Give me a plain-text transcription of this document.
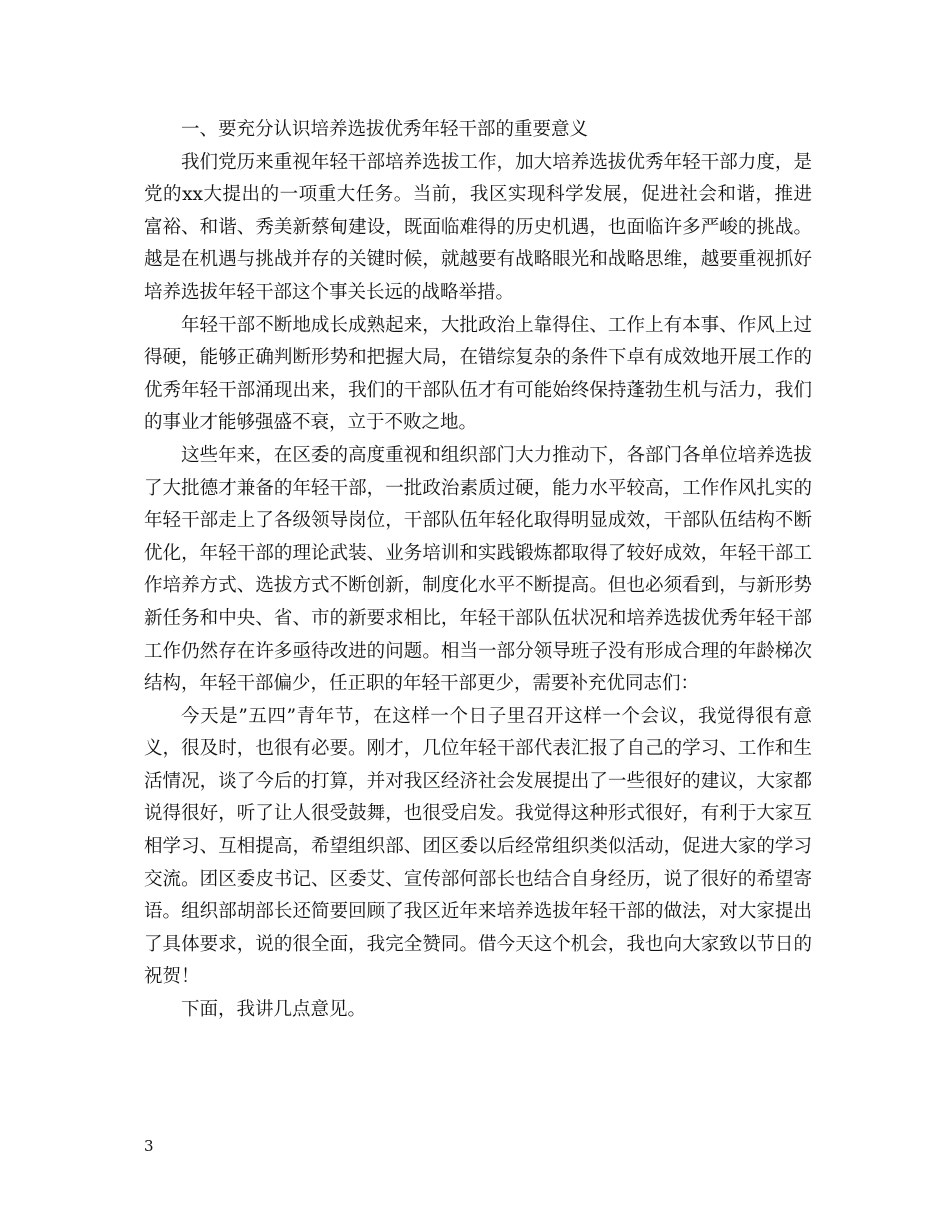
一、要充分认识培养选拔优秀年轻干部的重要意义

我们党历来重视年轻干部培养选拔工作，加大培养选拔优秀年轻干部力度，是党的xx大提出的一项重大任务。当前，我区实现科学发展，促进社会和谐，推进富裕、和谐、秀美新蔡甸建设，既面临难得的历史机遇，也面临许多严峻的挑战。越是在机遇与挑战并存的关键时候，就越要有战略眼光和战略思维，越要重视抓好培养选拔年轻干部这个事关长远的战略举措。

年轻干部不断地成长成熟起来，大批政治上靠得住、工作上有本事、作风上过得硬，能够正确判断形势和把握大局，在错综复杂的条件下卓有成效地开展工作的优秀年轻干部涌现出来，我们的干部队伍才有可能始终保持蓬勃生机与活力，我们的事业才能够强盛不衰，立于不败之地。

这些年来，在区委的高度重视和组织部门大力推动下，各部门各单位培养选拔了大批德才兼备的年轻干部，一批政治素质过硬，能力水平较高，工作作风扎实的年轻干部走上了各级领导岗位，干部队伍年轻化取得明显成效，干部队伍结构不断优化，年轻干部的理论武装、业务培训和实践锻炼都取得了较好成效，年轻干部工作培养方式、选拔方式不断创新，制度化水平不断提高。但也必须看到，与新形势新任务和中央、省、市的新要求相比，年轻干部队伍状况和培养选拔优秀年轻干部工作仍然存在许多亟待改进的问题。相当一部分领导班子没有形成合理的年龄梯次结构，年轻干部偏少，任正职的年轻干部更少，需要补充优同志们：

今天是”五四”青年节，在这样一个日子里召开这样一个会议，我觉得很有意义，很及时，也很有必要。刚才，几位年轻干部代表汇报了自己的学习、工作和生活情况，谈了今后的打算，并对我区经济社会发展提出了一些很好的建议，大家都说得很好，听了让人很受鼓舞，也很受启发。我觉得这种形式很好，有利于大家互相学习、互相提高，希望组织部、团区委以后经常组织类似活动，促进大家的学习交流。团区委皮书记、区委艾、宣传部何部长也结合自身经历，说了很好的希望寄语。组织部胡部长还简要回顾了我区近年来培养选拔年轻干部的做法，对大家提出了具体要求，说的很全面，我完全赞同。借今天这个机会，我也向大家致以节日的祝贺！

下面，我讲几点意见。

3
